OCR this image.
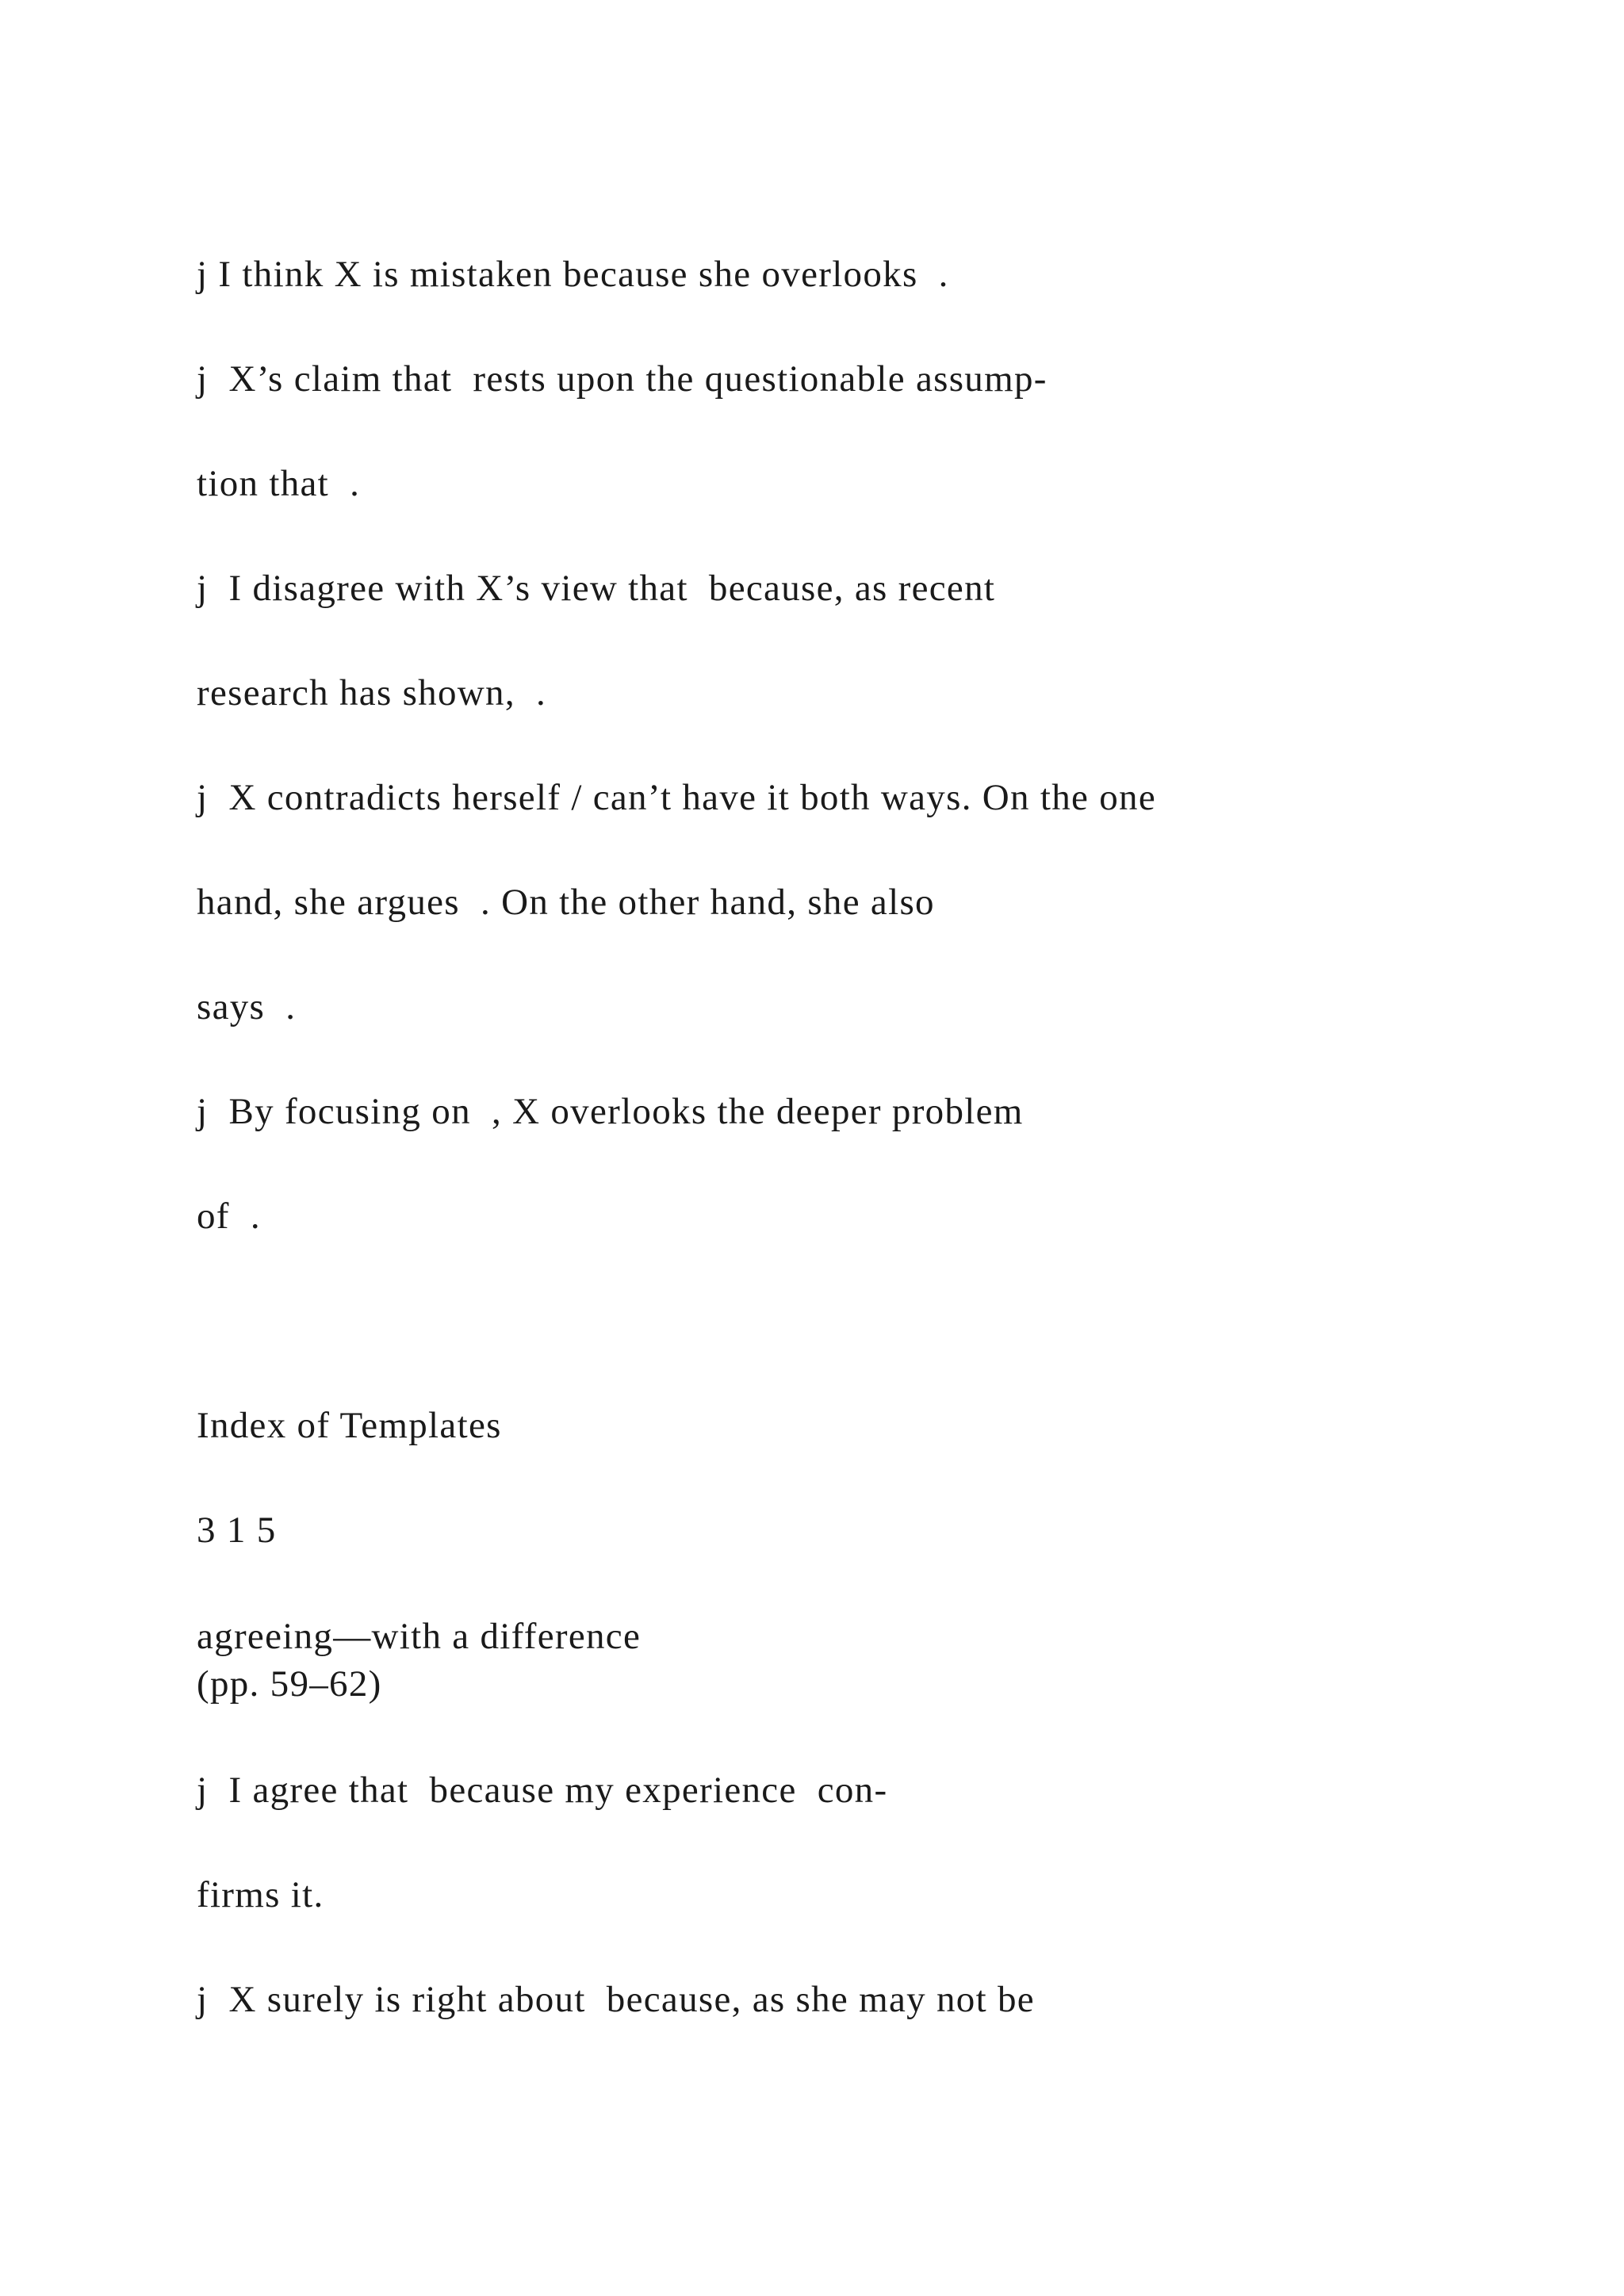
j I think X is mistaken because she overlooks  .
j  X’s claim that  rests upon the questionable assump-
tion that  .
j  I disagree with X’s view that  because, as recent
research has shown,  .
j  X contradicts herself / can’t have it both ways. On the one
hand, she argues  . On the other hand, she also
says  .
j  By focusing on  , X overlooks the deeper problem
of  .
Index of Templates
3 1 5
agreeing—with a difference
(pp. 59–62)
j  I agree that  because my experience  con-
firms it.
j  X surely is right about  because, as she may not be
